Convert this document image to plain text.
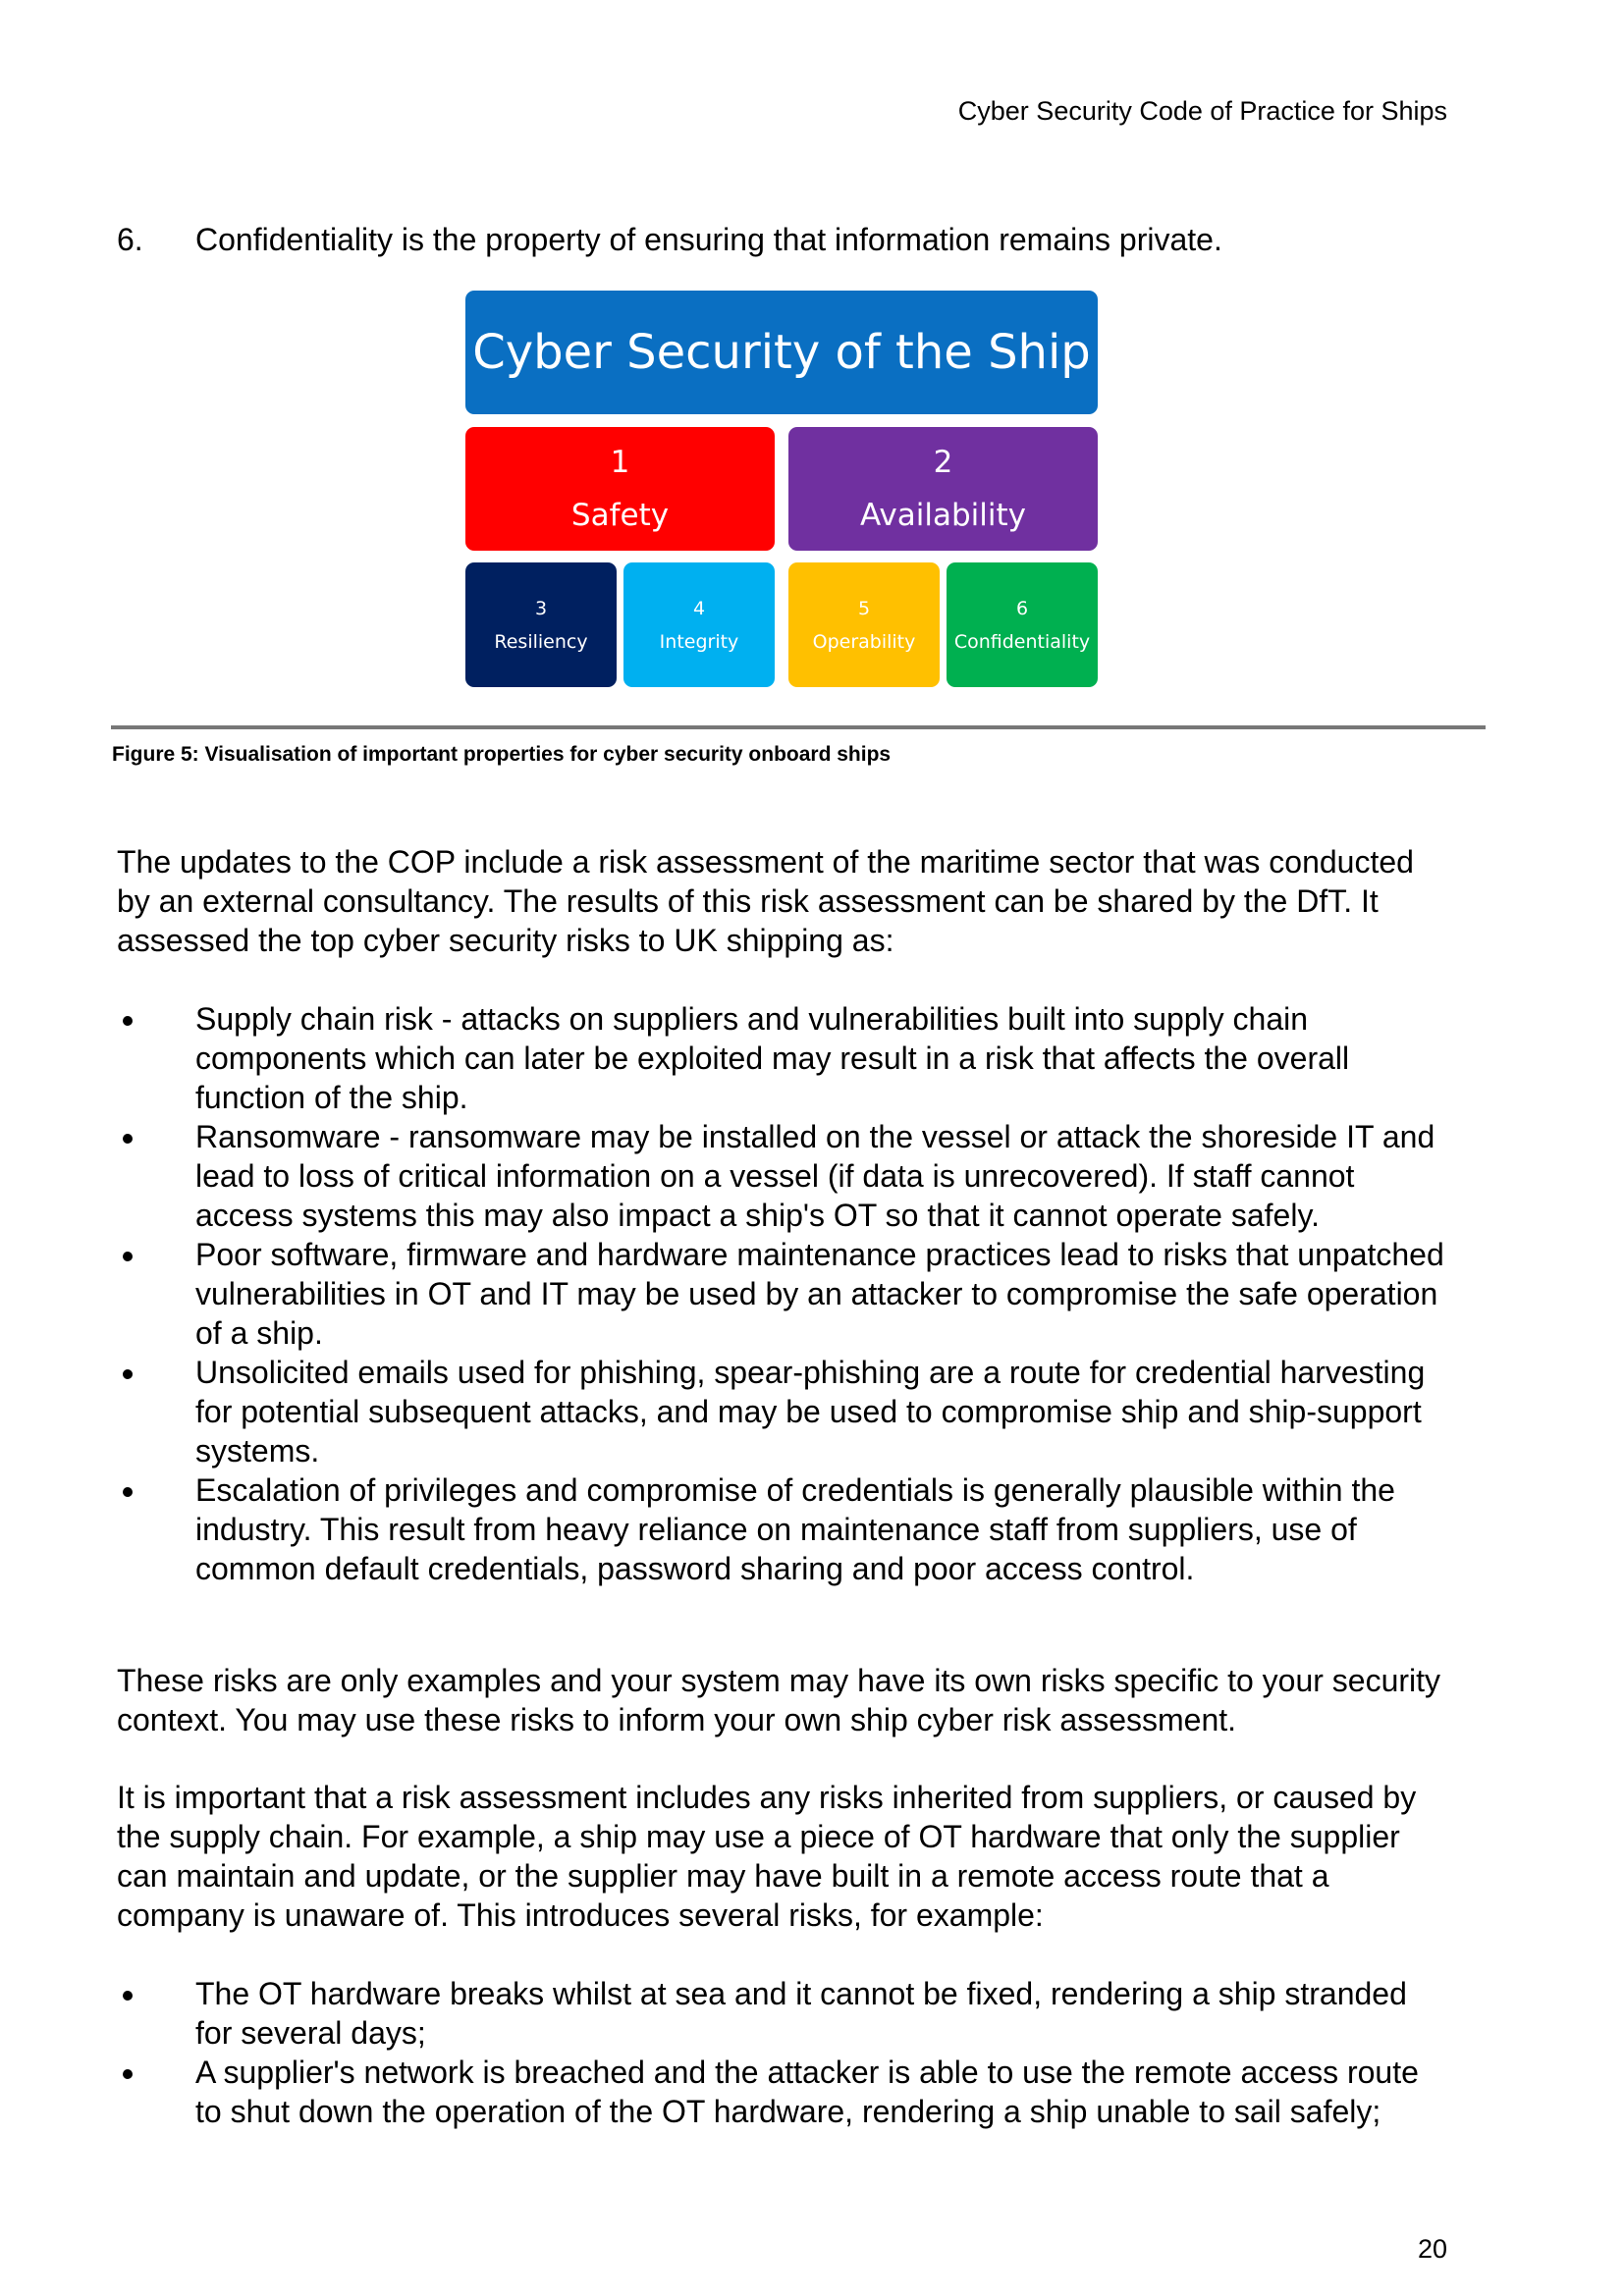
Cyber Security Code of Practice for Ships
6. Confidentiality is the property of ensuring that information remains private.
Cyber Security of the Ship
1
Safety
2
Availability
3
Resiliency
4
Integrity
5
Operability
6
Confidentiality
Figure 5: Visualisation of important properties for cyber security onboard ships

The updates to the COP include a risk assessment of the maritime sector that was conducted by an external consultancy. The results of this risk assessment can be shared by the DfT. It assessed the top cyber security risks to UK shipping as:

Supply chain risk - attacks on suppliers and vulnerabilities built into supply chain components which can later be exploited may result in a risk that affects the overall function of the ship.
Ransomware - ransomware may be installed on the vessel or attack the shoreside IT and lead to loss of critical information on a vessel (if data is unrecovered). If staff cannot access systems this may also impact a ship's OT so that it cannot operate safely.
Poor software, firmware and hardware maintenance practices lead to risks that unpatched vulnerabilities in OT and IT may be used by an attacker to compromise the safe operation of a ship.
Unsolicited emails used for phishing, spear-phishing are a route for credential harvesting for potential subsequent attacks, and may be used to compromise ship and ship-support systems.
Escalation of privileges and compromise of credentials is generally plausible within the industry. This result from heavy reliance on maintenance staff from suppliers, use of common default credentials, password sharing and poor access control.

These risks are only examples and your system may have its own risks specific to your security context. You may use these risks to inform your own ship cyber risk assessment.

It is important that a risk assessment includes any risks inherited from suppliers, or caused by the supply chain. For example, a ship may use a piece of OT hardware that only the supplier can maintain and update, or the supplier may have built in a remote access route that a company is unaware of. This introduces several risks, for example:

The OT hardware breaks whilst at sea and it cannot be fixed, rendering a ship stranded for several days;
A supplier's network is breached and the attacker is able to use the remote access route to shut down the operation of the OT hardware, rendering a ship unable to sail safely;
20
